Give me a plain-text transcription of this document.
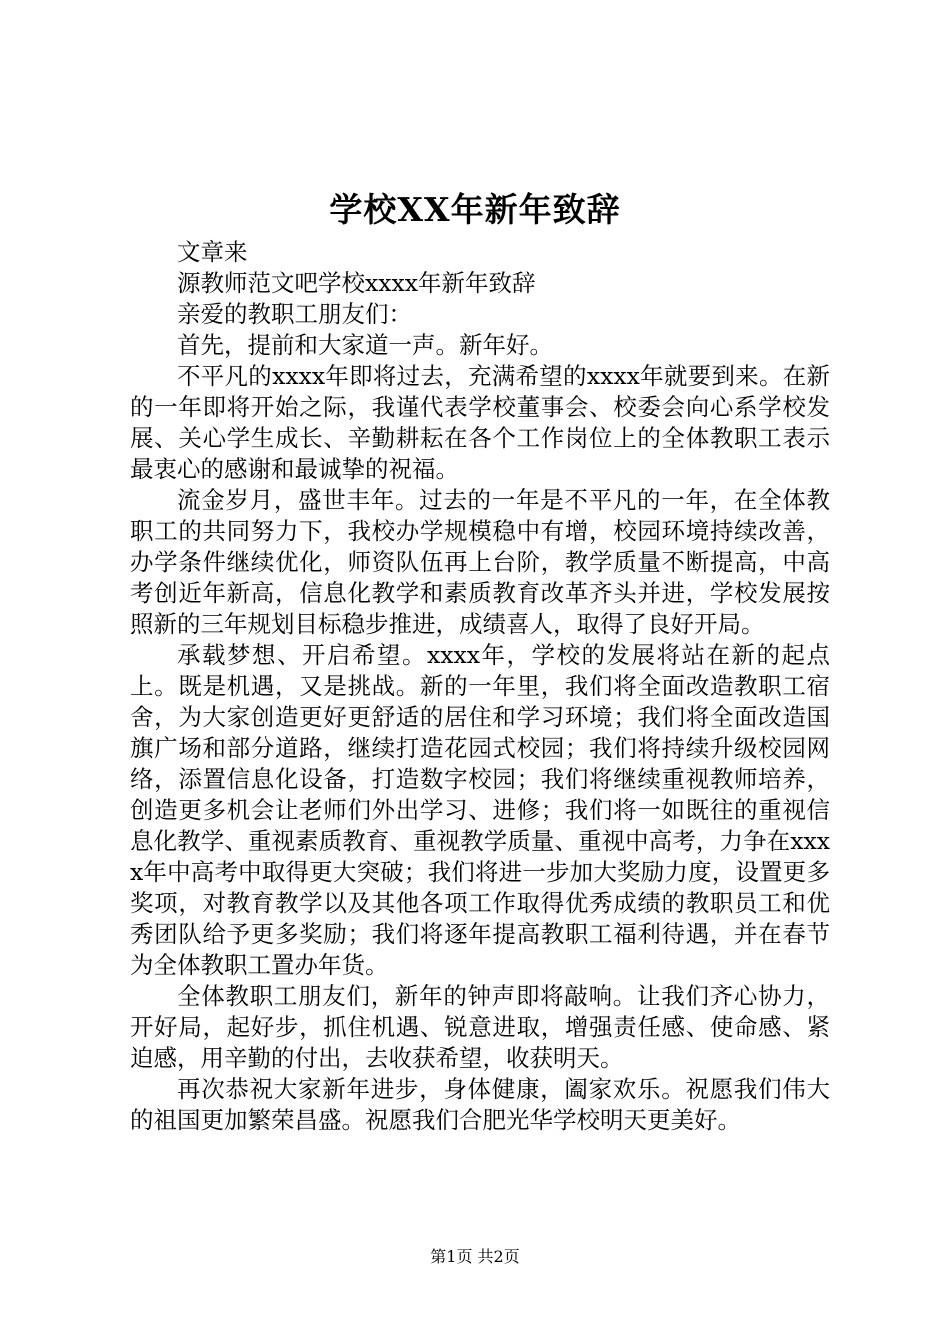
学校XX年新年致辞

文章来

源教师范文吧学校xxxx年新年致辞

亲爱的教职工朋友们：

首先，提前和大家道一声。新年好。

不平凡的xxxx年即将过去，充满希望的xxxx年就要到来。在新的一年即将开始之际，我谨代表学校董事会、校委会向心系学校发展、关心学生成长、辛勤耕耘在各个工作岗位上的全体教职工表示最衷心的感谢和最诚挚的祝福。

流金岁月，盛世丰年。过去的一年是不平凡的一年，在全体教职工的共同努力下，我校办学规模稳中有增，校园环境持续改善，办学条件继续优化，师资队伍再上台阶，教学质量不断提高，中高考创近年新高，信息化教学和素质教育改革齐头并进，学校发展按照新的三年规划目标稳步推进，成绩喜人，取得了良好开局。

承载梦想、开启希望。xxxx年，学校的发展将站在新的起点上。既是机遇，又是挑战。新的一年里，我们将全面改造教职工宿舍，为大家创造更好更舒适的居住和学习环境；我们将全面改造国旗广场和部分道路，继续打造花园式校园；我们将持续升级校园网络，添置信息化设备，打造数字校园；我们将继续重视教师培养，创造更多机会让老师们外出学习、进修；我们将一如既往的重视信息化教学、重视素质教育、重视教学质量、重视中高考，力争在xxxx年中高考中取得更大突破；我们将进一步加大奖励力度，设置更多奖项，对教育教学以及其他各项工作取得优秀成绩的教职员工和优秀团队给予更多奖励；我们将逐年提高教职工福利待遇，并在春节为全体教职工置办年货。

全体教职工朋友们，新年的钟声即将敲响。让我们齐心协力，开好局，起好步，抓住机遇、锐意进取，增强责任感、使命感、紧迫感，用辛勤的付出，去收获希望，收获明天。

再次恭祝大家新年进步，身体健康，阖家欢乐。祝愿我们伟大的祖国更加繁荣昌盛。祝愿我们合肥光华学校明天更美好。

第1页 共2页
